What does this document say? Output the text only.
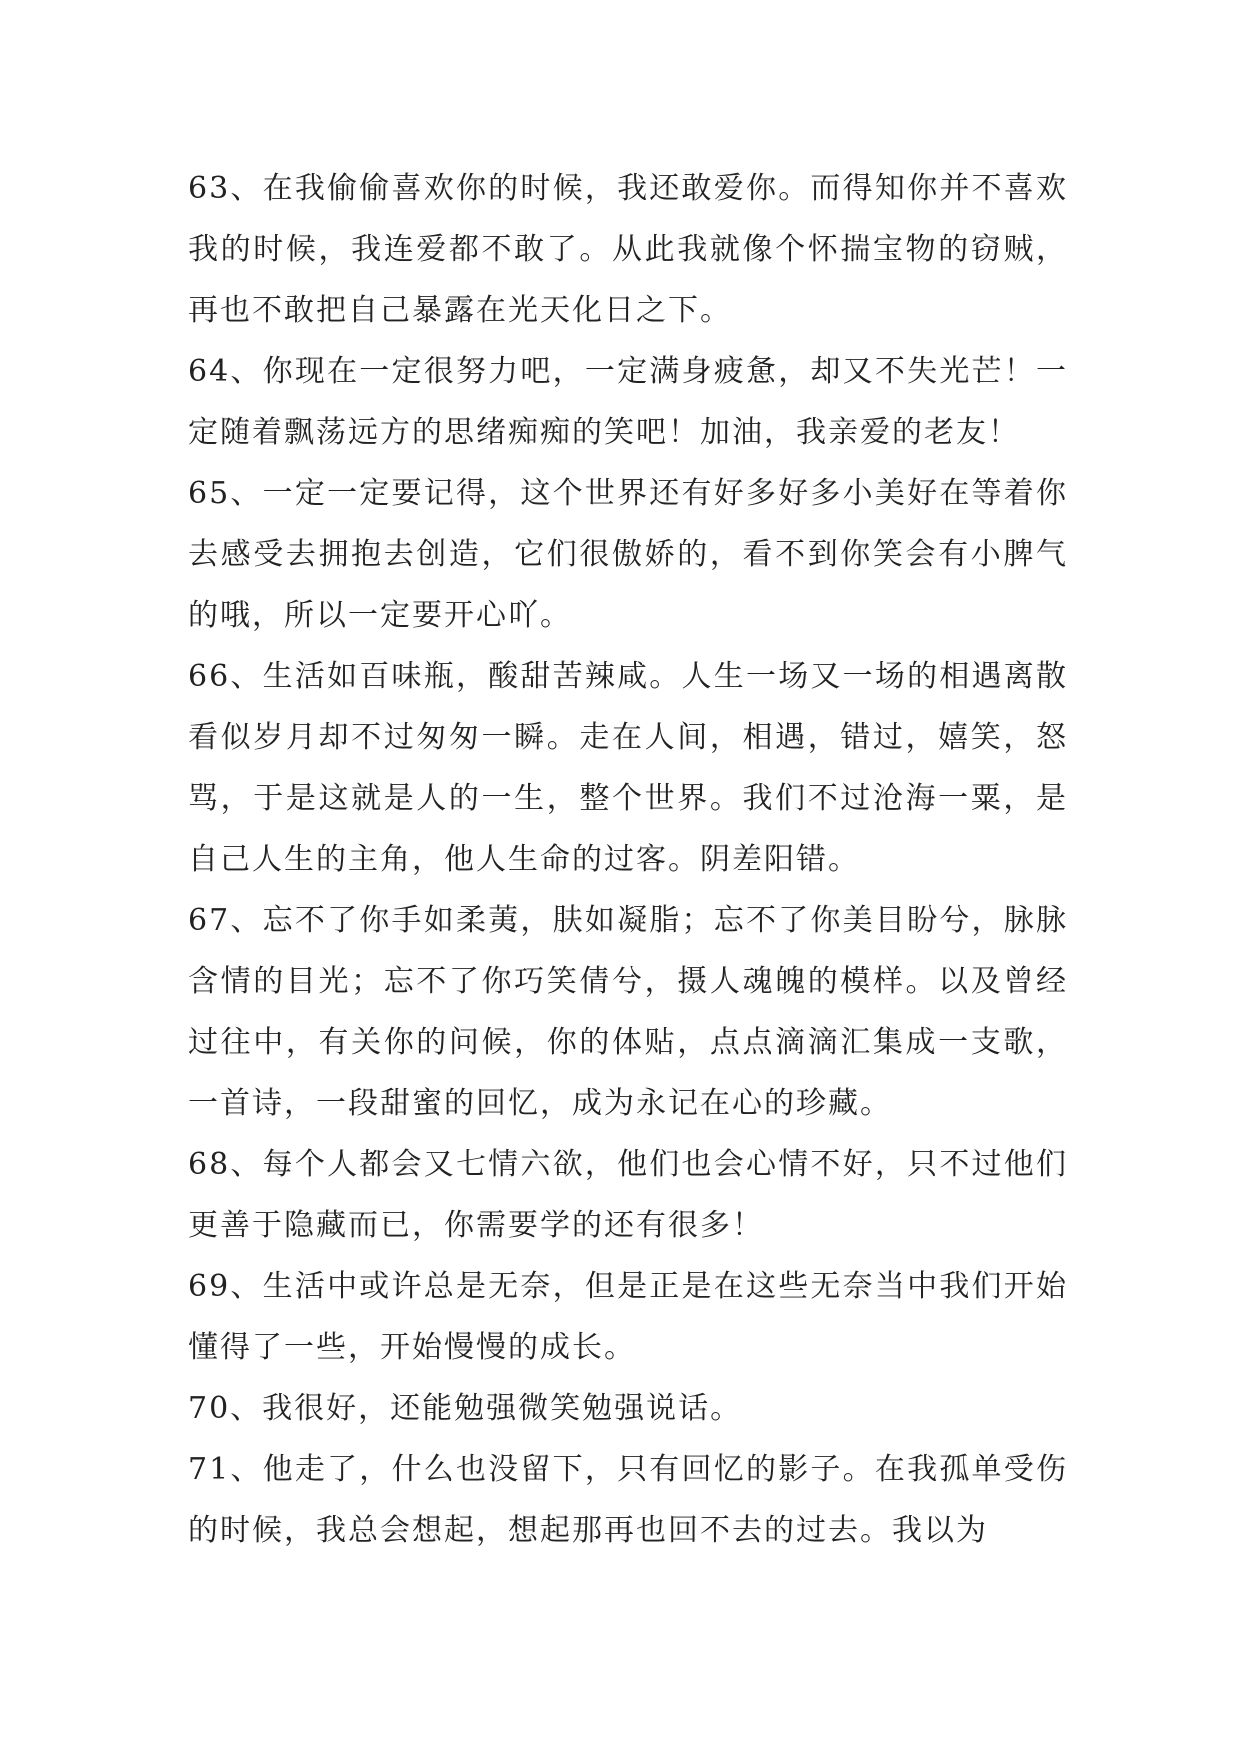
63、在我偷偷喜欢你的时候，我还敢爱你。而得知你并不喜欢我的时候，我连爱都不敢了。从此我就像个怀揣宝物的窃贼，再也不敢把自己暴露在光天化日之下。

64、你现在一定很努力吧，一定满身疲惫，却又不失光芒！一定随着飘荡远方的思绪痴痴的笑吧！加油，我亲爱的老友！

65、一定一定要记得，这个世界还有好多好多小美好在等着你去感受去拥抱去创造，它们很傲娇的，看不到你笑会有小脾气的哦，所以一定要开心吖。

66、生活如百味瓶，酸甜苦辣咸。人生一场又一场的相遇离散看似岁月却不过匆匆一瞬。走在人间，相遇，错过，嬉笑，怒骂，于是这就是人的一生，整个世界。我们不过沧海一粟，是自己人生的主角，他人生命的过客。阴差阳错。

67、忘不了你手如柔荑，肤如凝脂；忘不了你美目盼兮，脉脉含情的目光；忘不了你巧笑倩兮，摄人魂魄的模样。以及曾经过往中，有关你的问候，你的体贴，点点滴滴汇集成一支歌，一首诗，一段甜蜜的回忆，成为永记在心的珍藏。

68、每个人都会又七情六欲，他们也会心情不好，只不过他们更善于隐藏而已，你需要学的还有很多！

69、生活中或许总是无奈，但是正是在这些无奈当中我们开始懂得了一些，开始慢慢的成长。

70、我很好，还能勉强微笑勉强说话。

71、他走了，什么也没留下，只有回忆的影子。在我孤单受伤的时候，我总会想起，想起那再也回不去的过去。我以为
